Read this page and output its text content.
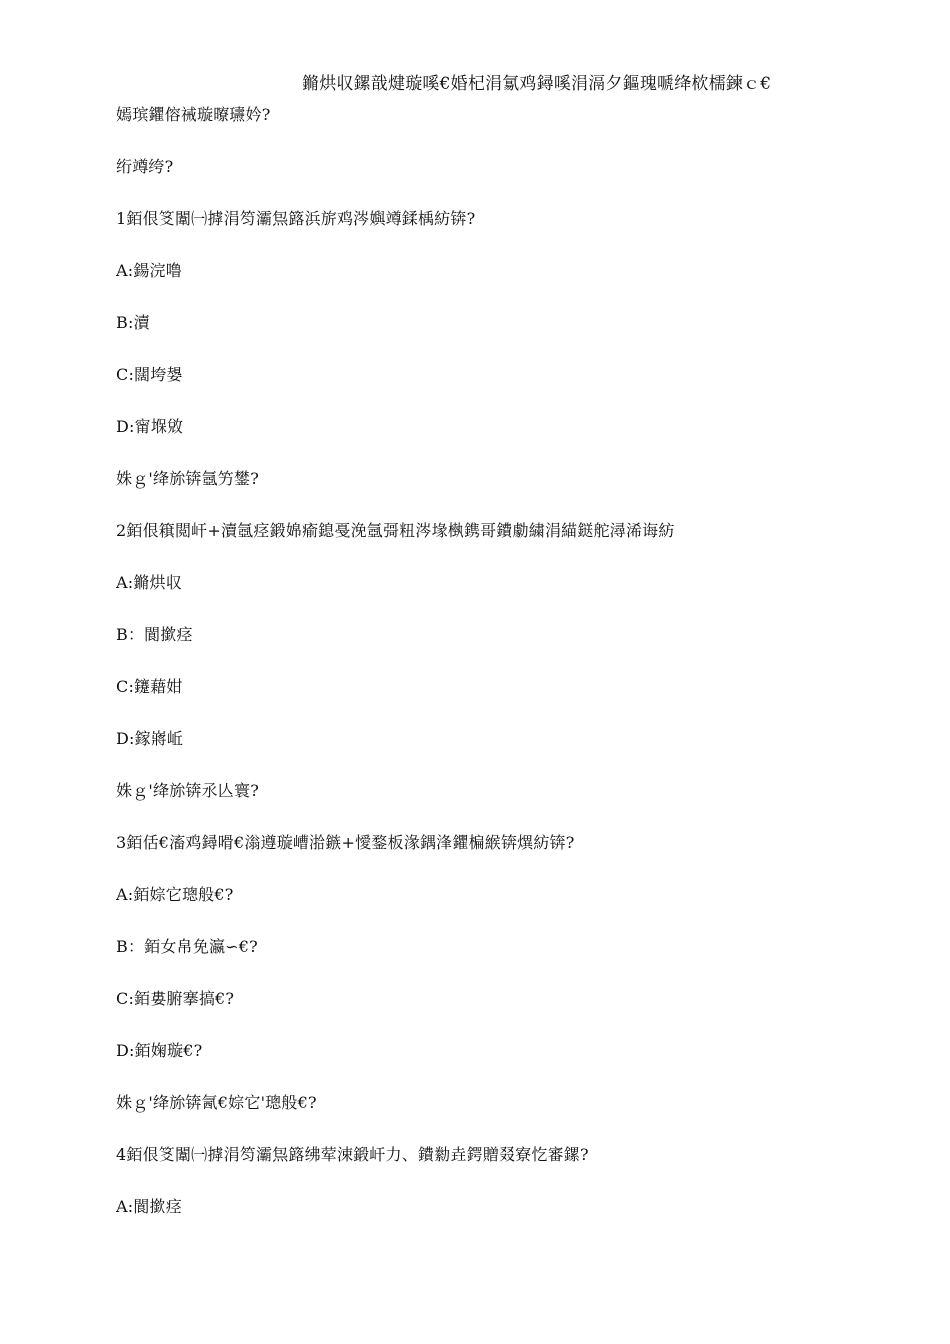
鏅烘収鏍戠煡璇嗘€婚杞涓氱鸡鐞嗘涓滆夕鏂瑰嗁绛栨檽鍊ｃ€
嫣瑸鑺傛祴璇曢瓙妗?
绗竴绔?
1銆佷笅闈㈠摢涓笉灞炰簬浜旂鸡涔嬩竴鍒楀紡锛?
A:鍚浣噜
B:瀆
C:闊垮嫢
D:甯堢敓
姝ｇ'绛旀锛氬竻鐢?
2銆佷簯閲屽+瀆氬痉鍛婂瘉鎴戞浼氬彁粈涔堟槸鎸哥鐨勮繍涓緢鎹舵潯浠诲紡
A:鏅烘収
B：閬撳痉
C:鑳藉姏
D:鎵嶈岴
姝ｇ'绛旀锛氶亾寰?
3銆佸€滀鸡鐞嗗€滃遵璇嶆湁鏃+懓鍪板湪鍝浲鑺楄緱锛熼紡锛?
A:銆婃它璁般€?
B：銆女帛免瀛∽€?
C:銆婁腑搴搞€?
D:銆婅璇€?
姝ｇ'绛旀锛氥€婃它'璁般€?
4銆佷笅闈㈠摢涓笉灞炰簬绋荤涑鍛屽力、鐨勬垚鍔贈叕寮忔審鏍?
A:閬撳痉
